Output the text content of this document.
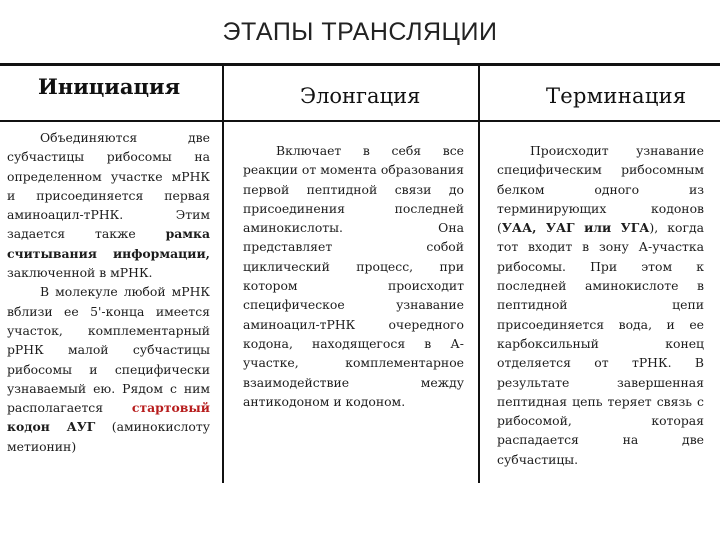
ЭТАПЫ ТРАНСЛЯЦИИ
Инициация	Элонгация	Терминация

Объединяются две субчастицы рибосомы на определенном участке мРНК и присоединяется первая аминоацил-тРНК. Этим задается также рамка считывания информации, заключенной в мРНК.

В молекуле любой мРНК вблизи ее 5'-конца имеется участок, комплементарный рРНК малой субчастицы рибосомы и специфически узнаваемый ею. Рядом с ним располагается стартовый кодон АУГ (аминокислоту метионин)

Включает в себя все реакции от момента образования первой пептидной связи до присоединения последней аминокислоты. Она представляет собой циклический процесс, при котором происходит специфическое узнавание аминоацил-тРНК очередного кодона, находящегося в А-участке, комплементарное взаимодействие между антикодоном и кодоном.

Происходит узнавание специфическим рибосомным белком одного из терминирующих кодонов (УАА, УАГ или УГА), когда тот входит в зону А-участка рибосомы. При этом к последней аминокислоте в пептидной цепи присоединяется вода, и ее карбоксильный конец отделяется от тРНК. В результате завершенная пептидная цепь теряет связь с рибосомой, которая распадается на две субчастицы.
